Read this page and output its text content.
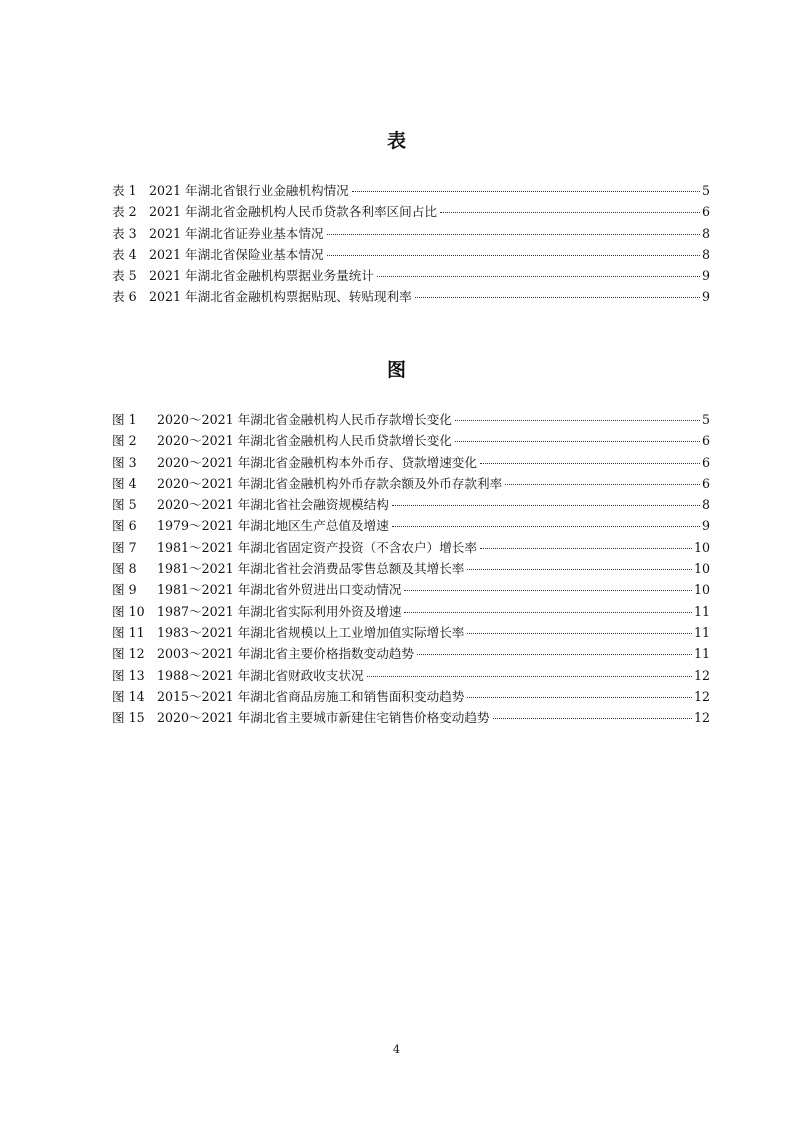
表
表 1 2021 年湖北省银行业金融机构情况	5
表 2 2021 年湖北省金融机构人民币贷款各利率区间占比	6
表 3 2021 年湖北省证券业基本情况	8
表 4 2021 年湖北省保险业基本情况	8
表 5 2021 年湖北省金融机构票据业务量统计	9
表 6 2021 年湖北省金融机构票据贴现、转贴现利率	9
图
图 1	2020～2021 年湖北省金融机构人民币存款增长变化	5
图 2	2020～2021 年湖北省金融机构人民币贷款增长变化	6
图 3	2020～2021 年湖北省金融机构本外币存、贷款增速变化	6
图 4	2020～2021 年湖北省金融机构外币存款余额及外币存款利率	6
图 5	2020～2021 年湖北省社会融资规模结构	8
图 6	1979～2021 年湖北地区生产总值及增速	9
图 7	1981～2021 年湖北省固定资产投资（不含农户）增长率	10
图 8	1981～2021 年湖北省社会消费品零售总额及其增长率	10
图 9	1981～2021 年湖北省外贸进出口变动情况	10
图 10 1987～2021 年湖北省实际利用外资及增速	11
图 11 1983～2021 年湖北省规模以上工业增加值实际增长率	11
图 12 2003～2021 年湖北省主要价格指数变动趋势	11
图 13 1988～2021 年湖北省财政收支状况	12
图 14 2015～2021 年湖北省商品房施工和销售面积变动趋势	12
图 15 2020～2021 年湖北省主要城市新建住宅销售价格变动趋势	12
4
